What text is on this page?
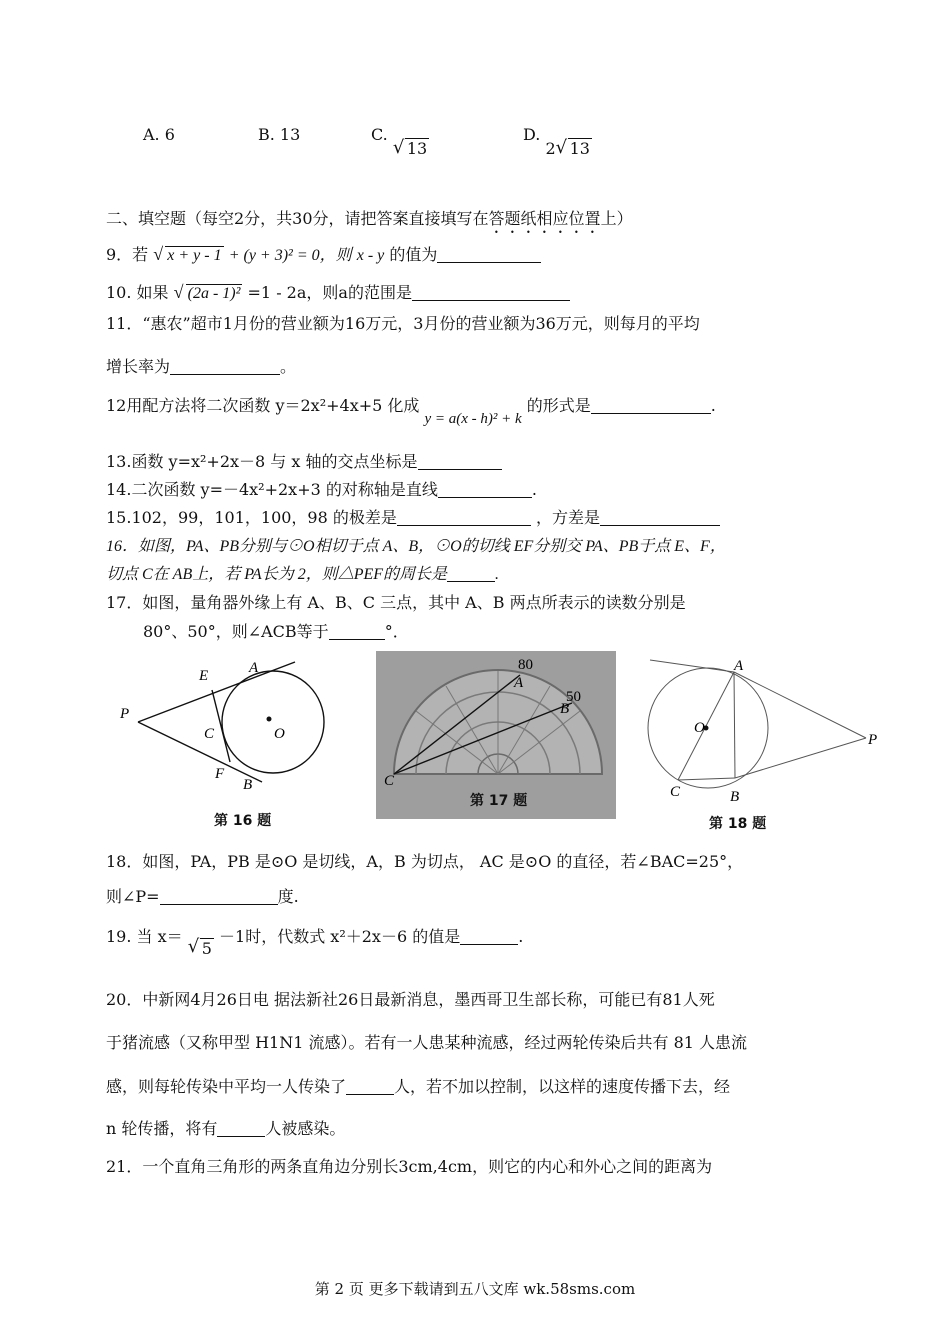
A. 6	B. 13	C. √ 13
D. 2 √ 13
二、填空题（每空2分，共30分，请把答案直接填写在答题纸相应位置上）
9．若 √ x + y - 1 + (y + 3)² = 0，则 x - y 的值为
10. 如果 √ (2a - 1)² =1 - 2a，则a的范围是
11．“惠农”超市1月份的营业额为16万元，3月份的营业额为36万元，则每月的平均
增长率为	。
12用配方法将二次函数 y＝2x²+4x+5 化成 y = a(x - h)² + k 的形式是	.
13.函数 y=x²+2x－8 与 x 轴的交点坐标是
14.二次函数 y=－4x²+2x+3 的对称轴是直线	.
15.102，99，101，100，98 的极差是	，方差是
16．如图，PA、PB分别与⊙O相切于点 A、B，⊙O的切线 EF分别交 PA、PB于点 E、F，
切点 C在 AB上，若 PA长为 2，则△PEF的周长是	.
17．如图，量角器外缘上有 A、B、C 三点，其中 A、B 两点所表示的读数分别是
80°、50°，则∠ACB等于	°．
P
E	A
C	O
F
B
第 16 题
80
50
A
B
C
第 17 题
A
O
P
C	B
第 18 题
18．如图，PA，PB 是⊙O 是切线，A，B 为切点， AC 是⊙O 的直径，若∠BAC=25°，
则∠P=	度.
19. 当 x＝ √ 5 －1时，代数式 x²＋2x－6 的值是	.
20．中新网4月26日电 据法新社26日最新消息，墨西哥卫生部长称，可能已有81人死
于猪流感（又称甲型 H1N1 流感）。若有一人患某种流感，经过两轮传染后共有 81 人患流
感，则每轮传染中平均一人传染了	人，若不加以控制，以这样的速度传播下去，经
n 轮传播，将有	人被感染。
21．一个直角三角形的两条直角边分别长3cm,4cm，则它的内心和外心之间的距离为
第 2 页 更多下载请到五八文库 wk.58sms.com
